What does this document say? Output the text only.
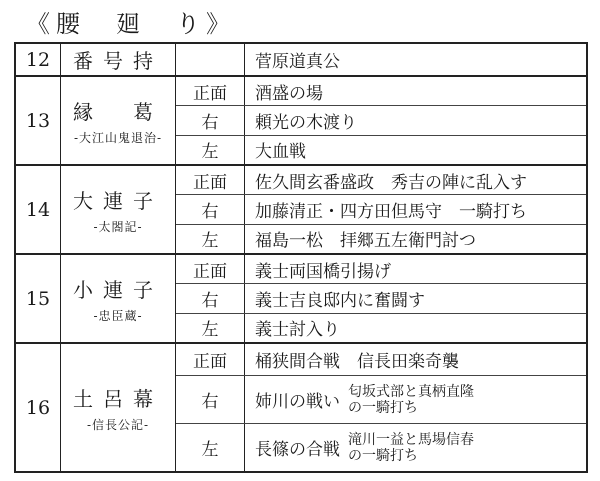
《腰　廻　り》
12	番号持	菅原道真公
13	縁　葛
-大江山鬼退治-
正面	酒盛の場
右	頼光の木渡り
左	大血戦
14	大連子
-太閤記-
正面	佐久間玄番盛政　秀吉の陣に乱入す
右	加藤清正・四方田但馬守　一騎打ち
左	福島一松　拝郷五左衛門討つ
15	小連子
-忠臣蔵-
正面	義士両国橋引揚げ
右	義士吉良邸内に奮闘す
左	義士討入り
16	土呂幕
-信長公記-
正面	桶狭間合戦　信長田楽奇襲
右	姉川の戦い
匂坂式部と真柄直隆
の一騎打ち
左	長篠の合戦
滝川一益と馬場信春
の一騎打ち
